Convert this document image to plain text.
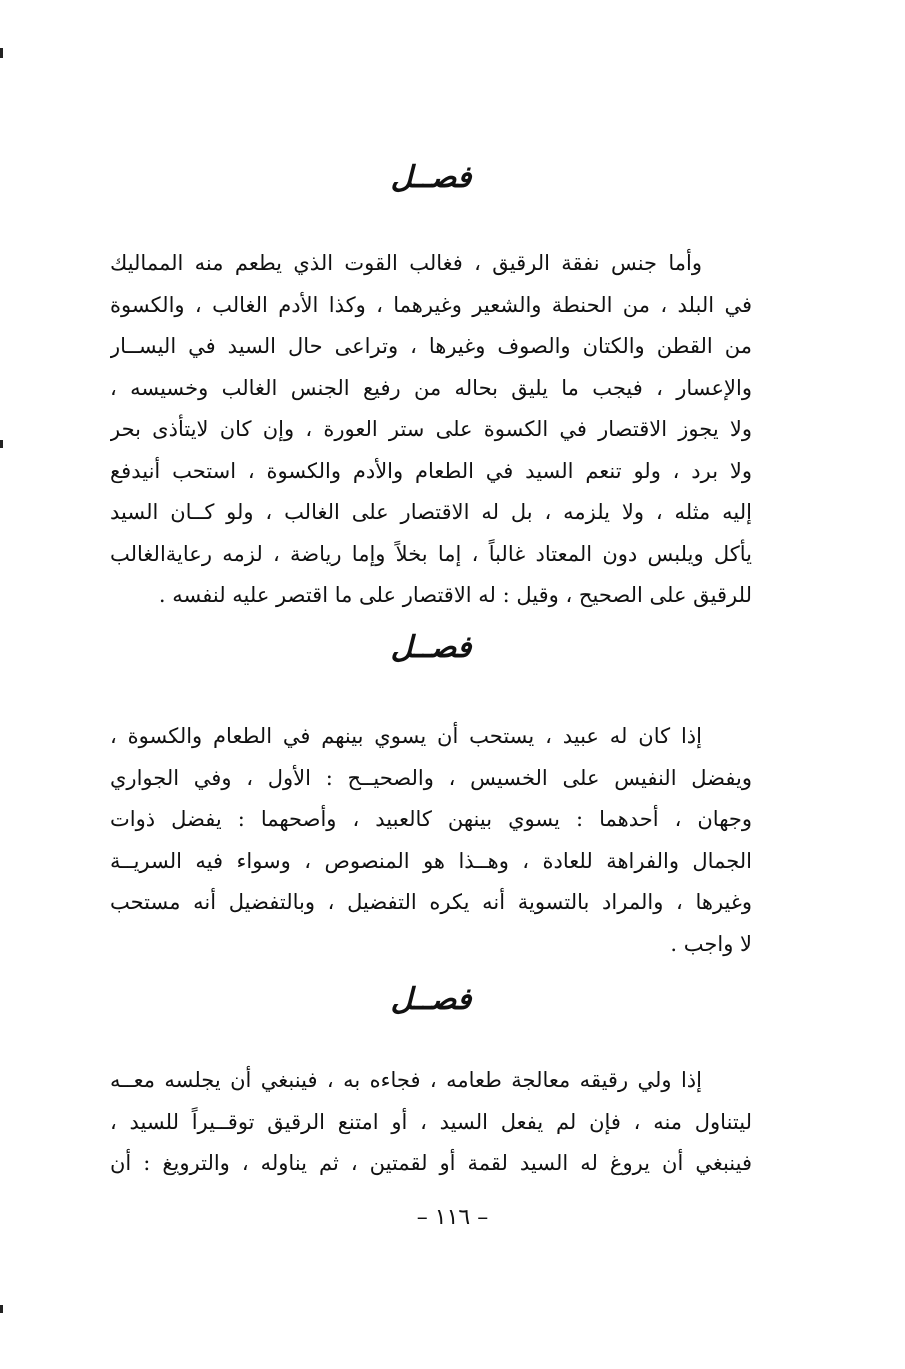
فصــل
وأما جنس نفقة الرقيق ، فغالب القوت الذي يطعم منه المماليك
في البلد ، من الحنطة والشعير وغيرهما ، وكذا الأدم الغالب ، والكسوة
من القطن والكتان والصوف وغيرها ، وتراعى حال السيد في اليســار
والإعسار ، فيجب ما يليق بحاله من رفيع الجنس الغالب وخسيسه ،
ولا يجوز الاقتصار في الكسوة على ستر العورة ، وإن كان لايتأذى بحر
ولا برد ، ولو تنعم السيد في الطعام والأدم والكسوة ، استحب أنيدفع
إليه مثله ، ولا يلزمه ، بل له الاقتصار على الغالب ، ولو كــان السيد
يأكل ويلبس دون المعتاد غالباً ، إما بخلاً وإما رياضة ، لزمه رعايةالغالب
للرقيق على الصحيح ، وقيل : له الاقتصار على ما اقتصر عليه لنفسه .
فصــل
إذا كان له عبيد ، يستحب أن يسوي بينهم في الطعام والكسوة ،
ويفضل النفيس على الخسيس ، والصحيــح : الأول ، وفي الجواري
وجهان ، أحدهما : يسوي بينهن كالعبيد ، وأصحهما : يفضل ذوات
الجمال والفراهة للعادة ، وهــذا هو المنصوص ، وسواء فيه السريــة
وغيرها ، والمراد بالتسوية أنه يكره التفضيل ، وبالتفضيل أنه مستحب
لا واجب .
فصــل
إذا ولي رقيقه معالجة طعامه ، فجاءه به ، فينبغي أن يجلسه معــه
ليتناول منه ، فإن لم يفعل السيد ، أو امتنع الرقيق توقــيراً للسيد ،
فينبغي أن يروغ له السيد لقمة أو لقمتين ، ثم يناوله ، والترويغ : أن
– ١١٦ –
